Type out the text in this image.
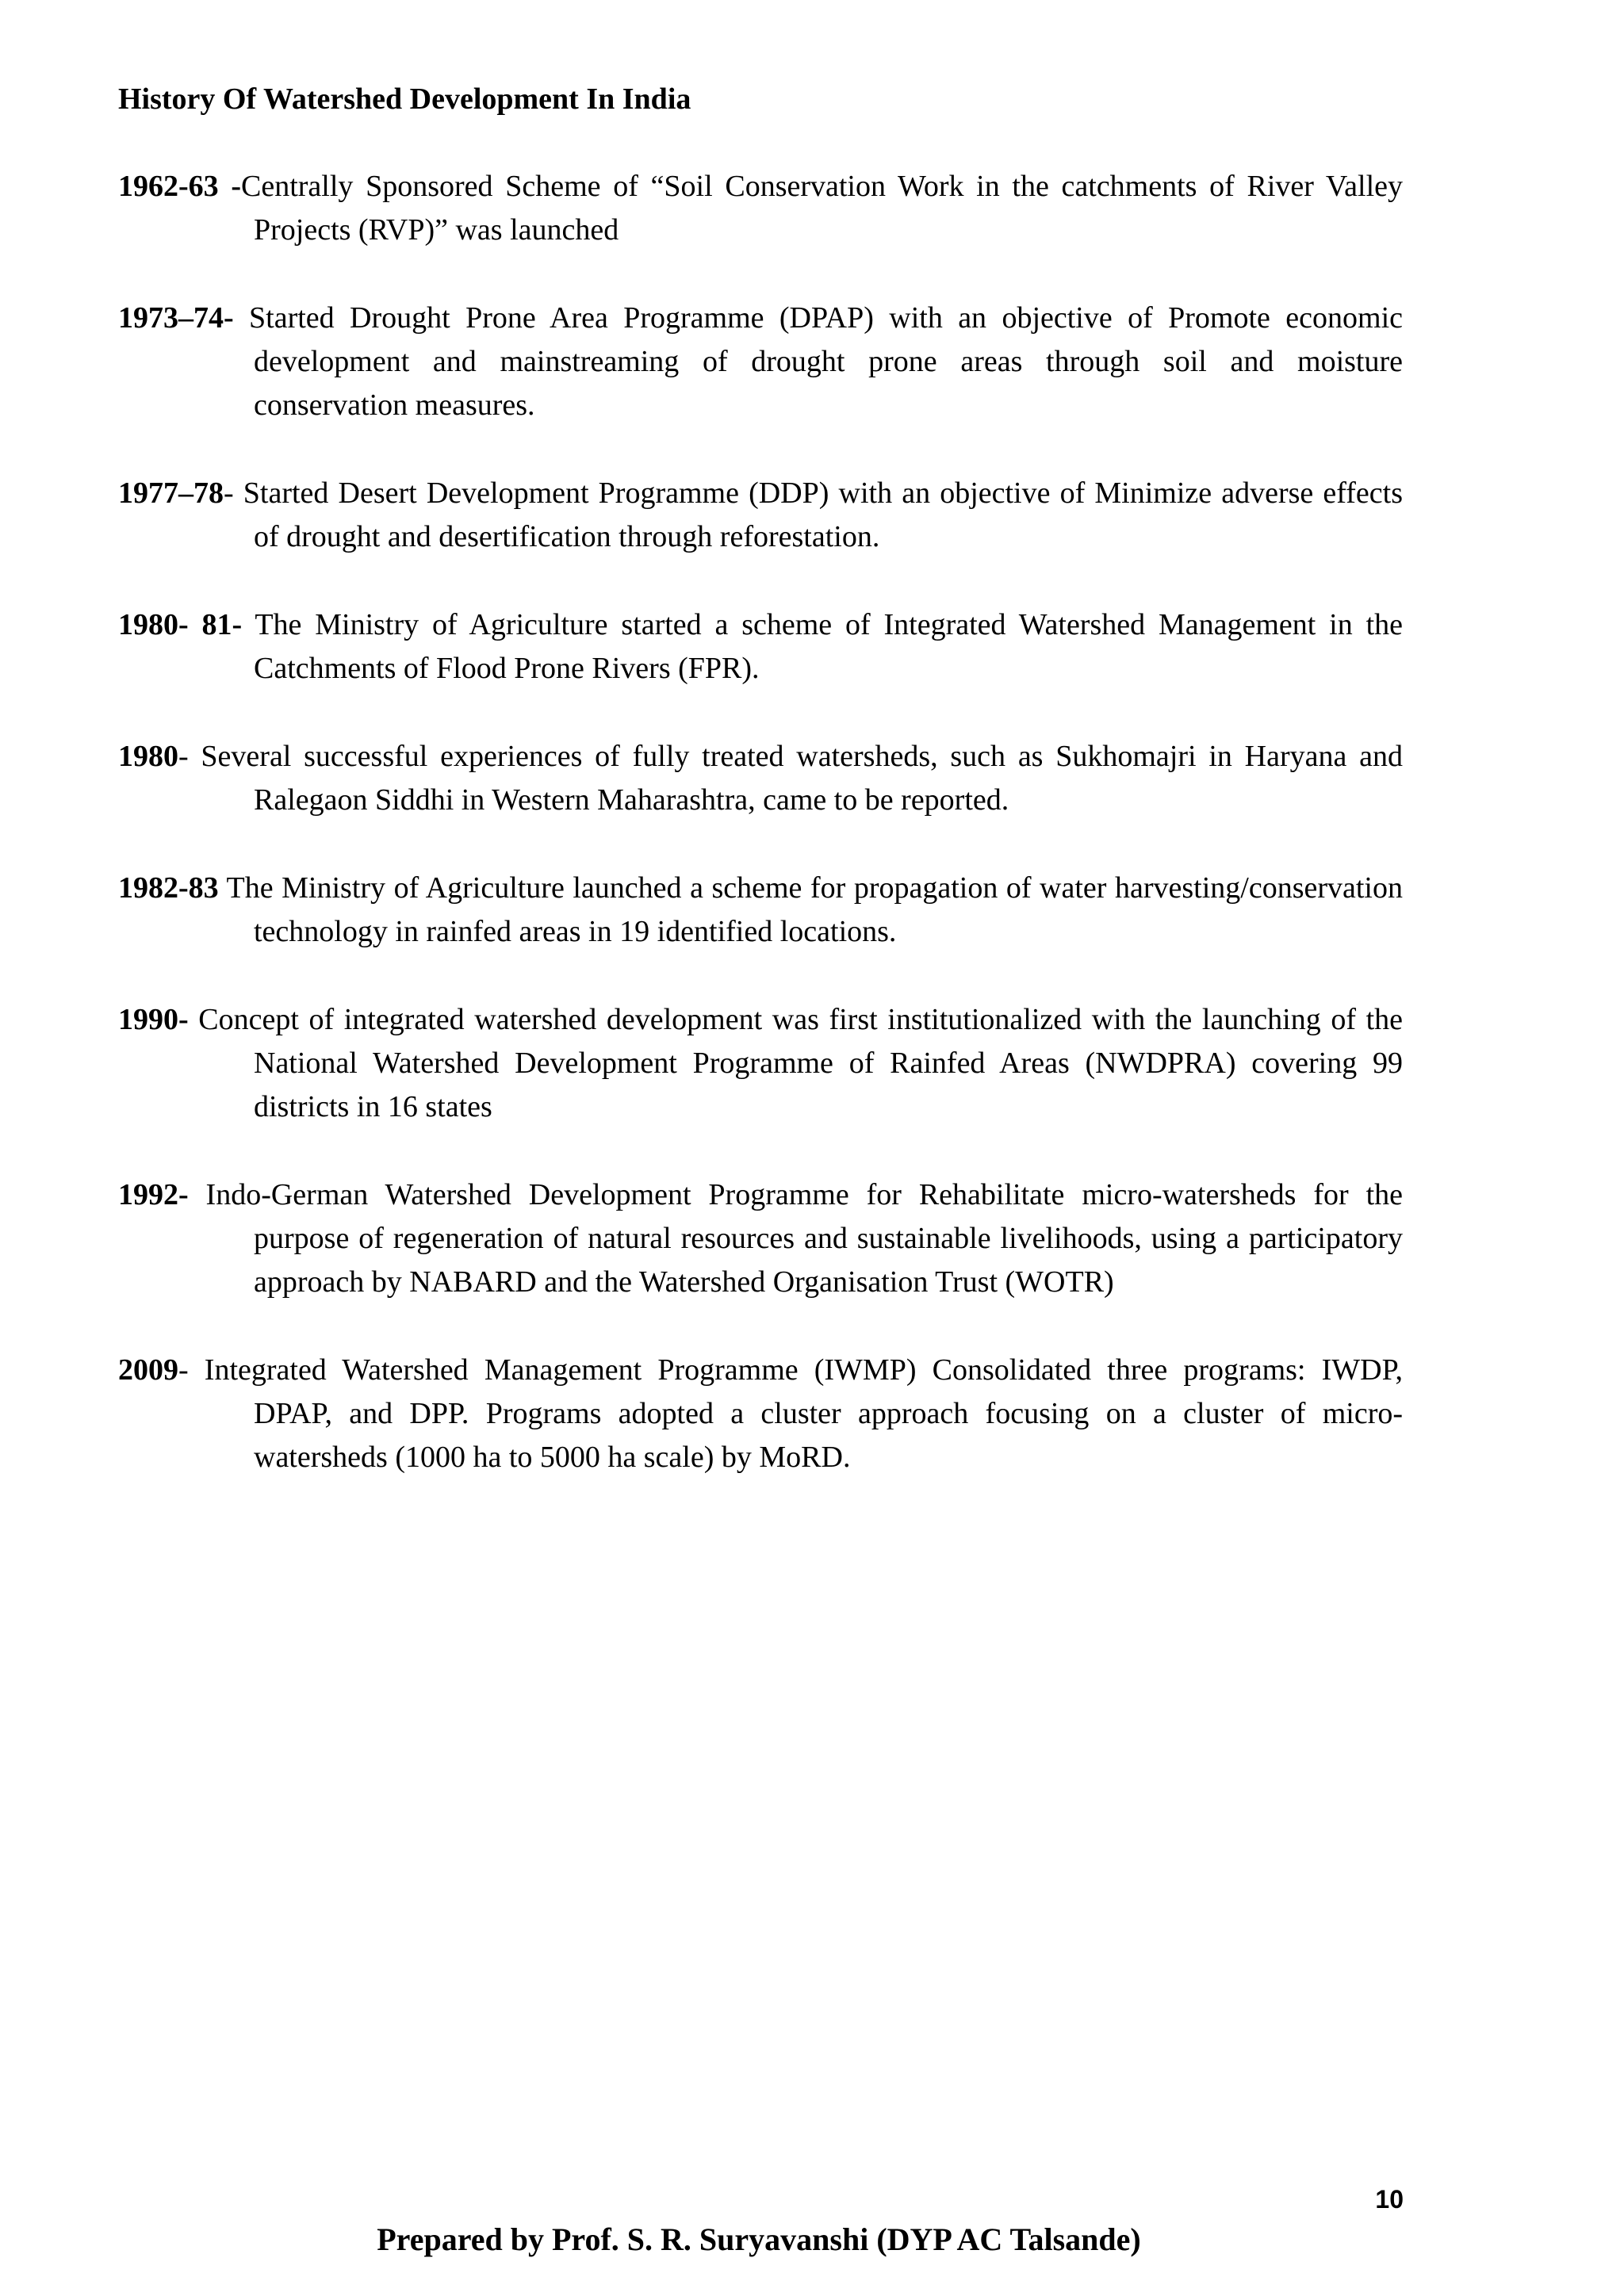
History Of Watershed Development In India

1962-63 -Centrally Sponsored Scheme of “Soil Conservation Work in the catchments of River Valley Projects (RVP)” was launched

1973–74- Started Drought Prone Area Programme (DPAP) with an objective of Promote economic development and mainstreaming of drought prone areas through soil and moisture conservation measures.

1977–78- Started Desert Development Programme (DDP) with an objective of Minimize adverse effects of drought and desertification through reforestation.

1980- 81- The Ministry of Agriculture started a scheme of Integrated Watershed Management in the Catchments of Flood Prone Rivers (FPR).

1980- Several successful experiences of fully treated watersheds, such as Sukhomajri in Haryana and Ralegaon Siddhi in Western Maharashtra, came to be reported.

1982-83 The Ministry of Agriculture launched a scheme for propagation of water harvesting/conservation technology in rainfed areas in 19 identified locations.

1990- Concept of integrated watershed development was first institutionalized with the launching of the National Watershed Development Programme of Rainfed Areas (NWDPRA) covering 99 districts in 16 states

1992- Indo-German Watershed Development Programme for Rehabilitate micro-watersheds for the purpose of regeneration of natural resources and sustainable livelihoods, using a participatory approach by NABARD and the Watershed Organisation Trust (WOTR)

2009- Integrated Watershed Management Programme (IWMP) Consolidated three programs: IWDP, DPAP, and DPP. Programs adopted a cluster approach focusing on a cluster of micro-watersheds (1000 ha to 5000 ha scale) by MoRD.

10
Prepared by Prof. S. R. Suryavanshi (DYP AC Talsande)
